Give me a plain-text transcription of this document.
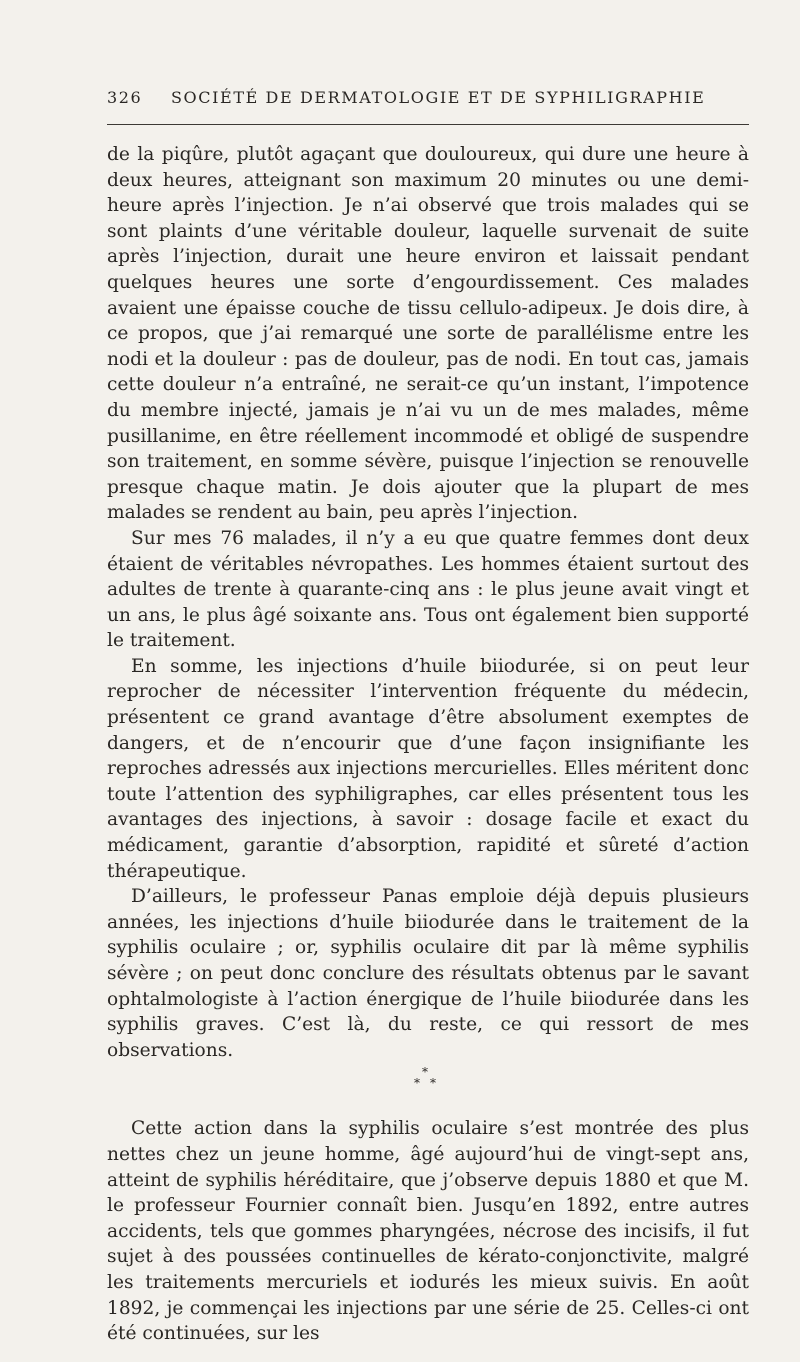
326 SOCIÉTÉ DE DERMATOLOGIE ET DE SYPHILIGRAPHIE

de la piqûre, plutôt agaçant que douloureux, qui dure une heure à deux heures, atteignant son maximum 20 minutes ou une demi-heure après l’injection. Je n’ai observé que trois malades qui se sont plaints d’une véritable douleur, laquelle survenait de suite après l’injection, durait une heure environ et laissait pendant quelques heures une sorte d’engourdissement. Ces malades avaient une épaisse couche de tissu cellulo-adipeux. Je dois dire, à ce propos, que j’ai remarqué une sorte de parallélisme entre les nodi et la douleur : pas de douleur, pas de nodi. En tout cas, jamais cette douleur n’a entraîné, ne serait-ce qu’un instant, l’impotence du membre injecté, jamais je n’ai vu un de mes malades, même pusillanime, en être réellement incommodé et obligé de suspendre son traitement, en somme sévère, puisque l’injection se renouvelle presque chaque matin. Je dois ajouter que la plupart de mes malades se rendent au bain, peu après l’injection.

Sur mes 76 malades, il n’y a eu que quatre femmes dont deux étaient de véritables névropathes. Les hommes étaient surtout des adultes de trente à quarante-cinq ans : le plus jeune avait vingt et un ans, le plus âgé soixante ans. Tous ont également bien supporté le traitement.

En somme, les injections d’huile biiodurée, si on peut leur reprocher de nécessiter l’intervention fréquente du médecin, présentent ce grand avantage d’être absolument exemptes de dangers, et de n’encourir que d’une façon insignifiante les reproches adressés aux injections mercurielles. Elles méritent donc toute l’attention des syphiligraphes, car elles présentent tous les avantages des injections, à savoir : dosage facile et exact du médicament, garantie d’absorption, rapidité et sûreté d’action thérapeutique.

D’ailleurs, le professeur Panas emploie déjà depuis plusieurs années, les injections d’huile biiodurée dans le traitement de la syphilis oculaire ; or, syphilis oculaire dit par là même syphilis sévère ; on peut donc conclure des résultats obtenus par le savant ophtalmologiste à l’action énergique de l’huile biiodurée dans les syphilis graves. C’est là, du reste, ce qui ressort de mes observations.

*
* *

Cette action dans la syphilis oculaire s’est montrée des plus nettes chez un jeune homme, âgé aujourd’hui de vingt-sept ans, atteint de syphilis héréditaire, que j’observe depuis 1880 et que M. le professeur Fournier connaît bien. Jusqu’en 1892, entre autres accidents, tels que gommes pharyngées, nécrose des incisifs, il fut sujet à des poussées continuelles de kérato-conjonctivite, malgré les traitements mercuriels et iodurés les mieux suivis. En août 1892, je commençai les injections par une série de 25. Celles-ci ont été continuées, sur les
